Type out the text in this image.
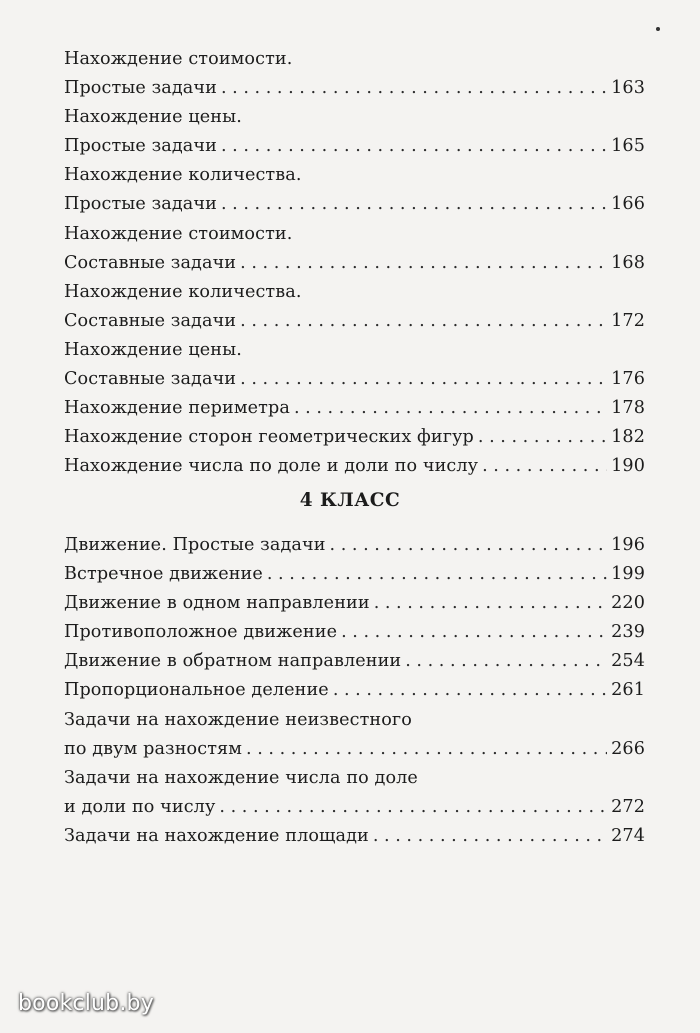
Нахождение стоимости.
Простые задачи . . .	163
Нахождение цены.
Простые задачи . . .	165
Нахождение количества.
Простые задачи . . .	166
Нахождение стоимости.
Составные задачи . . .	168
Нахождение количества.
Составные задачи . . .	172
Нахождение цены.
Составные задачи . . .	176
Нахождение периметра . . .	178
Нахождение сторон геометрических фигур . . .	182
Нахождение числа по доле и доли по числу . . .	190
4 КЛАСС
Движение. Простые задачи . . .	196
Встречное движение . . .	199
Движение в одном направлении . . .	220
Противоположное движение . . .	239
Движение в обратном направлении . . .	254
Пропорциональное деление . . .	261
Задачи на нахождение неизвестного
по двум разностям . . .	266
Задачи на нахождение числа по доле
и доли по числу . . .	272
Задачи на нахождение площади . . .	274
bookclub.by
